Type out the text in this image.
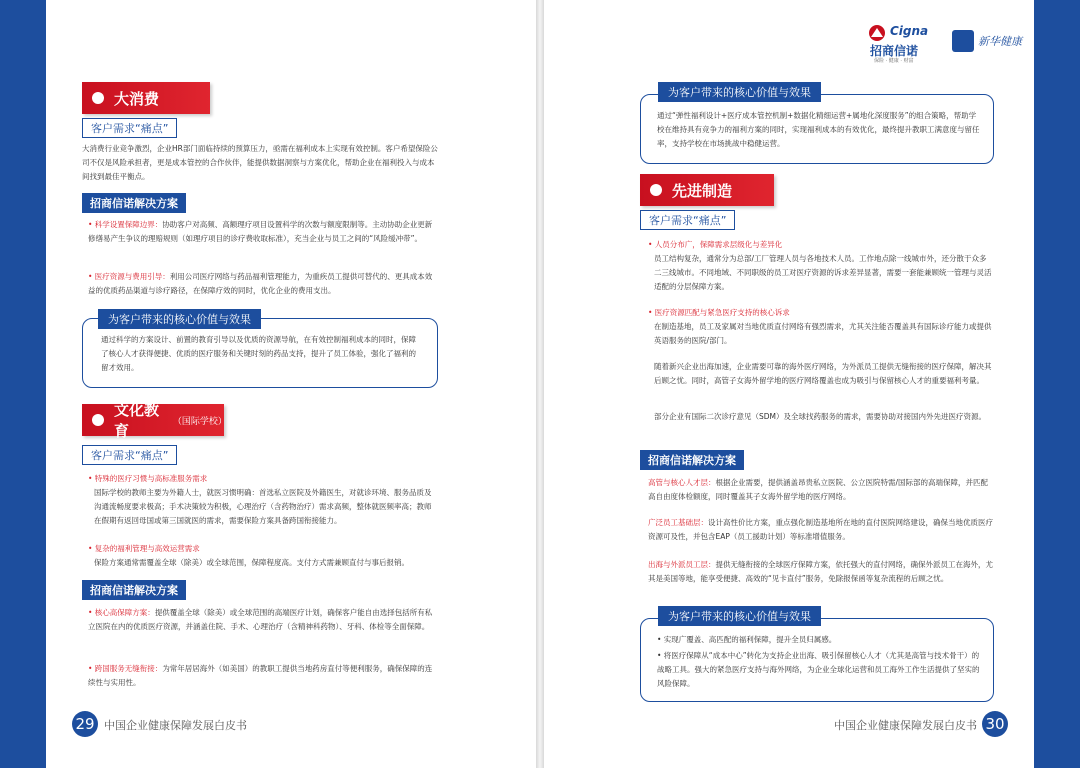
大消费
客户需求“痛点”
大消费行业竞争激烈，企业HR部门面临持续的预算压力，亟需在福利成本上实现有效控制。客户希望保险公司不仅是风险承担者，更是成本管控的合作伙伴，能提供数据洞察与方案优化，帮助企业在福利投入与成本间找到最佳平衡点。
招商信诺解决方案
• 科学设置保障边界：协助客户对高频、高额理疗项目设置科学的次数与额度限制等。主动协助企业更新修缮易产生争议的理赔规则（如理疗项目的诊疗费收取标准），充当企业与员工之间的“风险缓冲带”。
• 医疗资源与费用引导：利用公司医疗网络与药品福利管理能力，为重疾员工提供可替代的、更具成本效益的优质药品渠道与诊疗路径，在保障疗效的同时，优化企业的费用支出。
通过科学的方案设计、前置的教育引导以及优质的资源导航，在有效控制福利成本的同时，保障了核心人才获得便捷、优质的医疗服务和关键时刻的药品支持，提升了员工体验，强化了福利的留才效用。
为客户带来的核心价值与效果
文化教育
（国际学校）
客户需求“痛点”
• 特殊的医疗习惯与高标准服务需求
国际学校的教师主要为外籍人士，就医习惯明确：首选私立医院及外籍医生，对就诊环境、服务品质及沟通流畅度要求极高；手术决策较为积极，心理治疗（含药物治疗）需求高频，整体就医频率高；教师在假期有返回母国或第三国就医的需求，需要保险方案具备跨国衔接能力。
• 复杂的福利管理与高效运营需求
保险方案通常需覆盖全球（除美）或全球范围，保障程度高。支付方式需兼顾直付与事后报销。
招商信诺解决方案
• 核心高保障方案：提供覆盖全球（除美）或全球范围的高端医疗计划，确保客户能自由选择包括所有私立医院在内的优质医疗资源，并涵盖住院、手术、心理治疗（含精神科药物）、牙科、体检等全面保障。
• 跨国服务无缝衔接：为常年居居海外（如美国）的教职工提供当地药房直付等便利服务，确保保障的连续性与实用性。
29 中国企业健康保障发展白皮书
Cigna
招商信诺
保险 · 健康 · 财富
新华健康
通过“弹性福利设计+医疗成本管控机制+数据化精细运营+属地化深度服务”的组合策略，帮助学校在维持具有竞争力的福利方案的同时，实现福利成本的有效优化，最终提升教职工满意度与留任率，支持学校在市场挑战中稳健运营。
为客户带来的核心价值与效果
先进制造
客户需求“痛点”
• 人员分布广，保障需求层级化与差异化
员工结构复杂，通常分为总部/工厂管理人员与各地技术人员。工作地点除一线城市外，还分散于众多二三线城市。不同地域、不同职级的员工对医疗资源的诉求差异显著，需要一套能兼顾统一管理与灵活适配的分层保障方案。
• 医疗资源匹配与紧急医疗支持的核心诉求
在制造基地，员工及家属对当地优质直付网络有强烈需求，尤其关注能否覆盖具有国际诊疗能力或提供英语服务的医院/部门。
随着新兴企业出海加速，企业需要可靠的海外医疗网络，为外派员工提供无缝衔接的医疗保障，解决其后顾之忧。同时，高管子女海外留学地的医疗网络覆盖也成为吸引与保留核心人才的重要福利考量。
部分企业有国际二次诊疗意见（SDM）及全球找药服务的需求，需要协助对接国内外先进医疗资源。
招商信诺解决方案
高管与核心人才层：根据企业需要，提供涵盖昂贵私立医院、公立医院特需/国际部的高端保障，并匹配高自由度体检额度，同时覆盖其子女海外留学地的医疗网络。
广泛员工基础层：设计高性价比方案，重点强化制造基地所在地的直付医院网络建设，确保当地优质医疗资源可及性，并包含EAP（员工援助计划）等标准增值服务。
出海与外派员工层：提供无缝衔接的全球医疗保障方案，依托强大的直付网络，确保外派员工在海外，尤其是美国等地，能享受便捷、高效的“见卡直付”服务，免除报保函等复杂流程的后顾之忧。
• 实现广覆盖、高匹配的福利保障，提升全员归属感。
• 将医疗保障从“成本中心”转化为支持企业出海、吸引保留核心人才（尤其是高管与技术骨干）的战略工具。强大的紧急医疗支持与海外网络，为企业全球化运营和员工海外工作生活提供了坚实的风险保障。
为客户带来的核心价值与效果
中国企业健康保障发展白皮书 30
